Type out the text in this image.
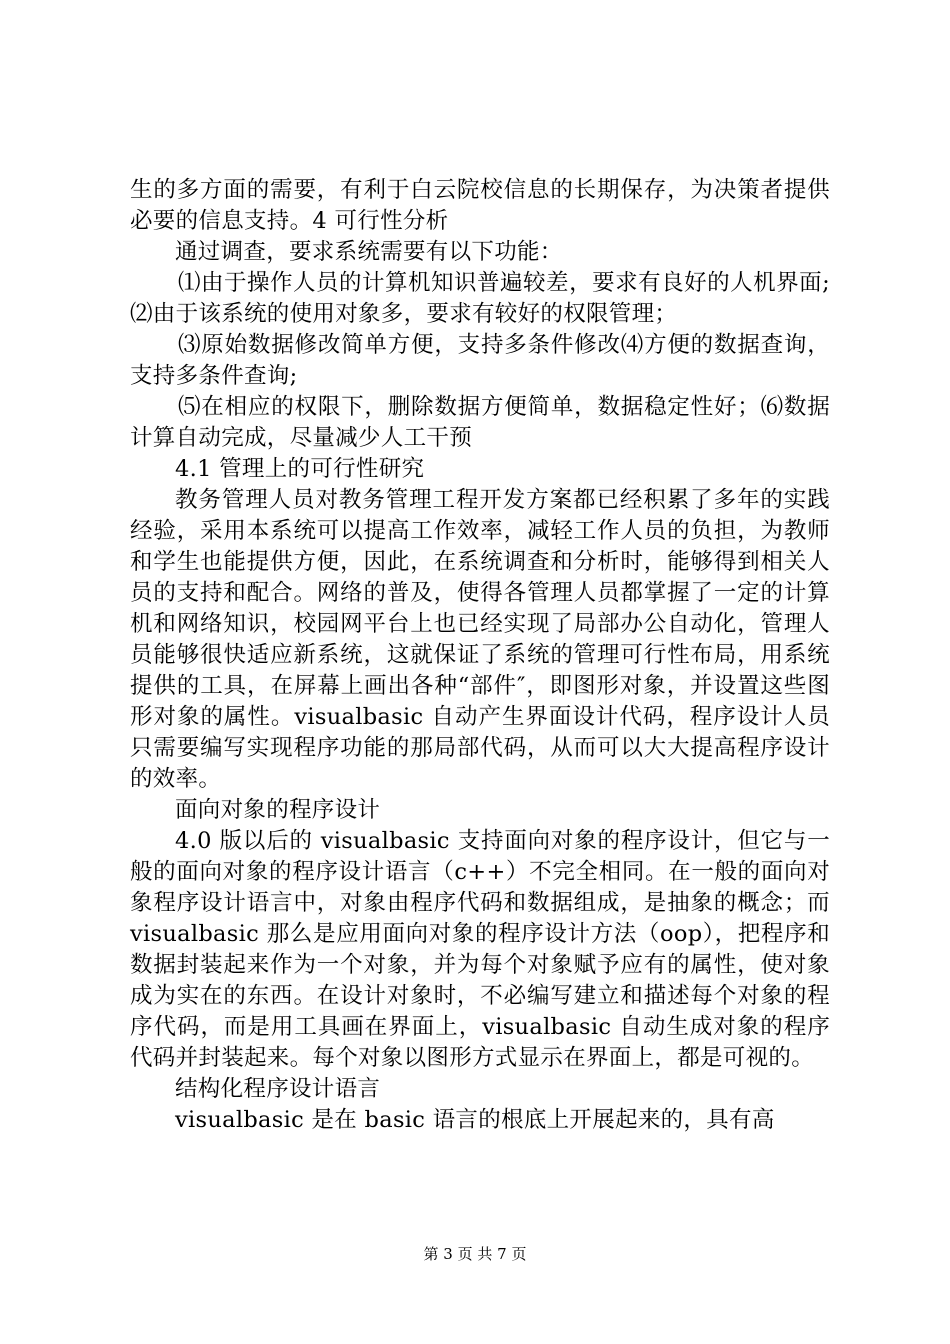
生的多方面的需要，有利于白云院校信息的长期保存，为决策者提供必要的信息支持。4 可行性分析

通过调查，要求系统需要有以下功能：

⑴由于操作人员的计算机知识普遍较差，要求有良好的人机界面;⑵由于该系统的使用对象多，要求有较好的权限管理；

⑶原始数据修改简单方便，支持多条件修改⑷方便的数据查询，支持多条件查询;

⑸在相应的权限下，删除数据方便简单，数据稳定性好；⑹数据计算自动完成，尽量减少人工干预

4.1 管理上的可行性研究

教务管理人员对教务管理工程开发方案都已经积累了多年的实践经验，采用本系统可以提高工作效率，减轻工作人员的负担，为教师和学生也能提供方便，因此，在系统调查和分析时，能够得到相关人员的支持和配合。网络的普及，使得各管理人员都掌握了一定的计算机和网络知识，校园网平台上也已经实现了局部办公自动化，管理人员能够很快适应新系统，这就保证了系统的管理可行性布局，用系统提供的工具，在屏幕上画出各种“部件″，即图形对象，并设置这些图形对象的属性。visualbasic 自动产生界面设计代码，程序设计人员只需要编写实现程序功能的那局部代码，从而可以大大提高程序设计的效率。

面向对象的程序设计

4.0 版以后的 visualbasic 支持面向对象的程序设计，但它与一般的面向对象的程序设计语言（c++）不完全相同。在一般的面向对象程序设计语言中，对象由程序代码和数据组成，是抽象的概念；而 visualbasic 那么是应用面向对象的程序设计方法（oop），把程序和数据封装起来作为一个对象，并为每个对象赋予应有的属性，使对象成为实在的东西。在设计对象时，不必编写建立和描述每个对象的程序代码，而是用工具画在界面上，visualbasic 自动生成对象的程序代码并封装起来。每个对象以图形方式显示在界面上，都是可视的。

结构化程序设计语言

visualbasic 是在 basic 语言的根底上开展起来的，具有高

第 3 页 共 7 页
